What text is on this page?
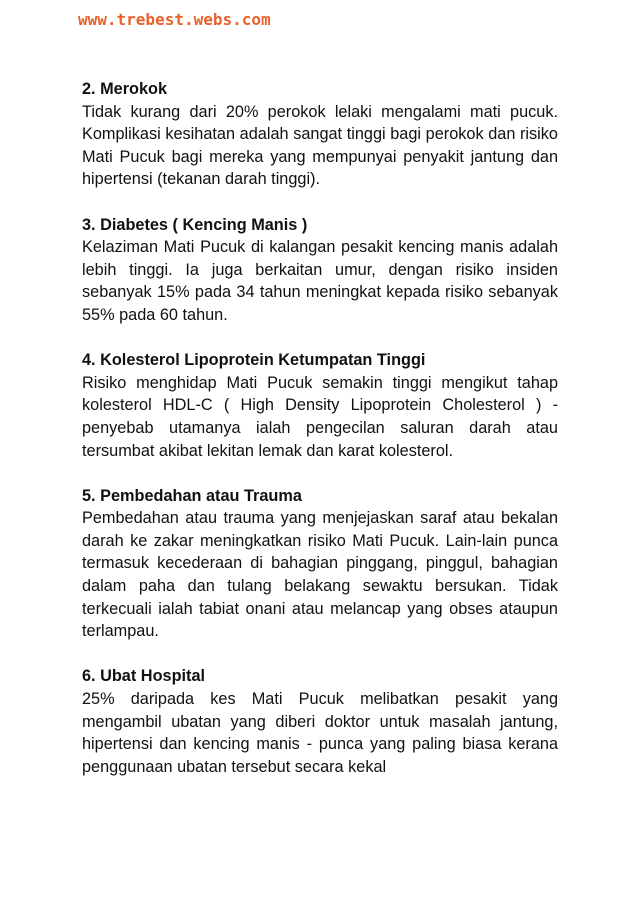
www.trebest.webs.com

2. Merokok

Tidak kurang dari 20% perokok lelaki mengalami mati pucuk. Komplikasi kesihatan adalah sangat tinggi bagi perokok dan risiko Mati Pucuk bagi mereka yang mempunyai penyakit jantung dan hipertensi (tekanan darah tinggi).

3. Diabetes ( Kencing Manis )

Kelaziman Mati Pucuk di kalangan pesakit kencing manis adalah lebih tinggi. Ia juga berkaitan umur, dengan risiko insiden sebanyak 15% pada 34 tahun meningkat kepada risiko sebanyak 55% pada 60 tahun.

4. Kolesterol Lipoprotein Ketumpatan Tinggi

Risiko menghidap Mati Pucuk semakin tinggi mengikut tahap kolesterol HDL-C ( High Density Lipoprotein Cholesterol ) - penyebab utamanya ialah pengecilan saluran darah atau tersumbat akibat lekitan lemak dan karat kolesterol.

5. Pembedahan atau Trauma

Pembedahan atau trauma yang menjejaskan saraf atau bekalan darah ke zakar meningkatkan risiko Mati Pucuk. Lain-lain punca termasuk kecederaan di bahagian pinggang, pinggul, bahagian dalam paha dan tulang belakang sewaktu bersukan. Tidak terkecuali ialah tabiat onani atau melancap yang obses ataupun terlampau.

6. Ubat Hospital

25% daripada kes Mati Pucuk melibatkan pesakit yang mengambil ubatan yang diberi doktor untuk masalah jantung, hipertensi dan kencing manis - punca yang paling biasa kerana penggunaan ubatan tersebut secara kekal
